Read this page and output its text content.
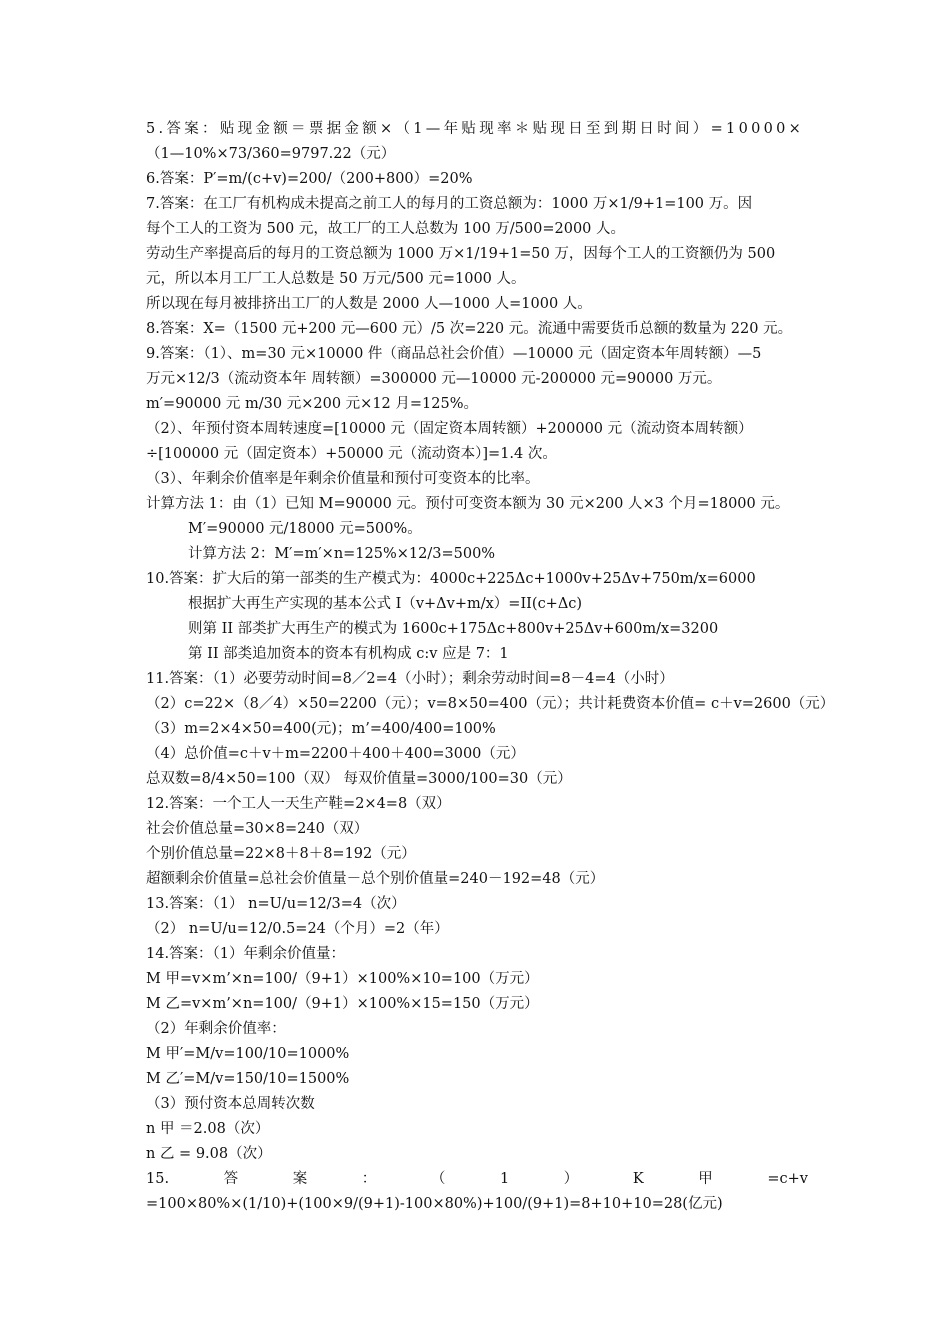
5.答案：贴现金额＝票据金额×（1—年贴现率＊贴现日至到期日时间）=10000×
（1—10%×73/360=9797.22（元）
6.答案：P′=m/(c+v)=200/（200+800）=20%
7.答案：在工厂有机构成未提高之前工人的每月的工资总额为：1000 万×1/9+1=100 万。因
每个工人的工资为 500 元，故工厂的工人总数为 100 万/500=2000 人。
劳动生产率提高后的每月的工资总额为 1000 万×1/19+1=50 万，因每个工人的工资额仍为 500
元，所以本月工厂工人总数是 50 万元/500 元=1000 人。
所以现在每月被排挤出工厂的人数是 2000 人—1000 人=1000 人。
8.答案：X=（1500 元+200 元—600 元）/5 次=220 元。流通中需要货币总额的数量为 220 元。
9.答案：（1）、m=30 元×10000 件（商品总社会价值）—10000 元（固定资本年周转额）—5
万元×12/3（流动资本年 周转额）=300000 元—10000 元-200000 元=90000 万元。
m′=90000 元 m/30 元×200 元×12 月=125%。
（2）、年预付资本周转速度=[10000 元（固定资本周转额）+200000 元（流动资本周转额）
÷[100000 元（固定资本）+50000 元（流动资本）]=1.4 次。
（3）、年剩余价值率是年剩余价值量和预付可变资本的比率。
计算方法 1：由（1）已知 M=90000 元。预付可变资本额为 30 元×200 人×3 个月=18000 元。
M′=90000 元/18000 元=500%。
计算方法 2：M′=m′×n=125%×12/3=500%
10.答案：扩大后的第一部类的生产模式为：4000c+225Δc+1000v+25Δv+750m/x=6000
根据扩大再生产实现的基本公式 I（v+Δv+m/x）=II(c+Δc)
则第 II 部类扩大再生产的模式为 1600c+175Δc+800v+25Δv+600m/x=3200
第 II 部类追加资本的资本有机构成 c:v 应是 7：1
11.答案：（1）必要劳动时间=8／2=4（小时）；剩余劳动时间=8－4=4（小时）
（2）c=22×（8／4）×50=2200（元）；v=8×50=400（元）；共计耗费资本价值= c＋v=2600（元）
（3）m=2×4×50=400(元)；m’=400/400=100%
（4）总价值=c＋v＋m=2200＋400＋400=3000（元）
总双数=8/4×50=100（双） 每双价值量=3000/100=30（元）
12.答案：一个工人一天生产鞋=2×4=8（双）
社会价值总量=30×8=240（双）
个别价值总量=22×8＋8＋8=192（元）
超额剩余价值量=总社会价值量－总个别价值量=240－192=48（元）
13.答案：（1） n=U/u=12/3=4（次）
（2） n=U/u=12/0.5=24（个月）=2（年）
14.答案：（1）年剩余价值量：
M 甲=v×m’×n=100/（9+1）×100%×10=100（万元）
M 乙=v×m’×n=100/（9+1）×100%×15=150（万元）
（2）年剩余价值率：
M 甲′=M/v=100/10=1000%
M 乙′=M/v=150/10=1500%
（3）预付资本总周转次数
n 甲 ＝2.08（次）
n 乙 = 9.08（次）
15.	答	案	：	（	1	）	K	甲	=c+v
=100×80%×(1/10)+(100×9/(9+1)-100×80%)+100/(9+1)=8+10+10=28(亿元)
